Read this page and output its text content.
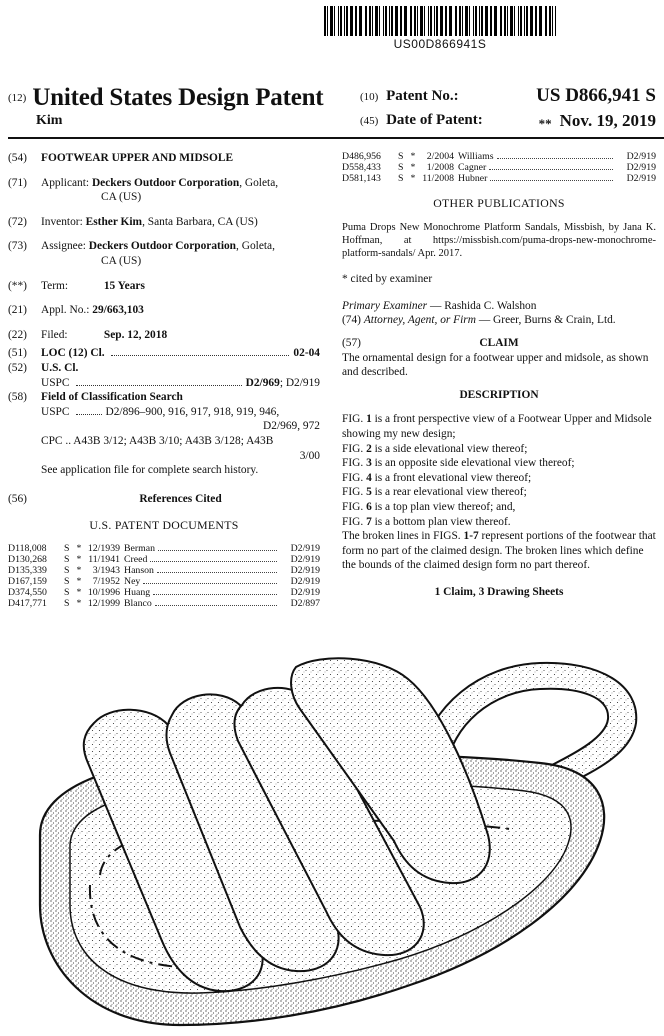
US00D866941S
$^{(12)}$ United States Design Patent
Kim
(10) Patent No.:	US D866,941 S
(45) Date of Patent:	** Nov. 19, 2019
(54) FOOTWEAR UPPER AND MIDSOLE
(71) Applicant: Deckers Outdoor Corporation, Goleta,
CA (US)
(72) Inventor: Esther Kim, Santa Barbara, CA (US)
(73) Assignee: Deckers Outdoor Corporation, Goleta,
CA (US)
(**) Term:	15 Years
(21) Appl. No.: 29/663,103
(22) Filed:	Sep. 12, 2018
(51) LOC (12) Cl.	02-04
(52) U.S. Cl.
USPC	D2/969 ; D2/919
(58) Field of Classification Search
USPC	D2/896–900, 916, 917, 918, 919, 946,
D2/969, 972
CPC .. A43B 3/12; A43B 3/10; A43B 3/128; A43B
3/00
See application file for complete search history.
(56)	References Cited
U.S. PATENT DOCUMENTS
D118,008	S	*	12/1939	Berman	D2/919
D130,268	S	*	11/1941	Creed	D2/919
D135,339	S	*	3/1943	Hanson	D2/919
D167,159	S	*	7/1952	Ney	D2/919
D374,550	S	*	10/1996	Huang	D2/919
D417,771	S	*	12/1999	Blanco	D2/897
D486,956	S	*	2/2004	Williams	D2/919
D558,433	S	*	1/2008	Cagner	D2/919
D581,143	S	*	11/2008	Hubner	D2/919
OTHER PUBLICATIONS

Puma Drops New Monochrome Platform Sandals, Missbish, by Jana K. Hoffman, at https://missbish.com/puma-drops-new-monochrome-platform-sandals/ Apr. 2017.

* cited by examiner
Primary Examiner — Rashida C. Walshon
(74) Attorney, Agent, or Firm — Greer, Burns & Crain, Ltd.
(57)	CLAIM

The ornamental design for a footwear upper and midsole, as shown and described.

DESCRIPTION

FIG. 1 is a front perspective view of a Footwear Upper and Midsole showing my new design;

FIG. 2 is a side elevational view thereof;

FIG. 3 is an opposite side elevational view thereof;

FIG. 4 is a front elevational view thereof;

FIG. 5 is a rear elevational view thereof;

FIG. 6 is a top plan view thereof; and,

FIG. 7 is a bottom plan view thereof.

The broken lines in FIGS. 1-7 represent portions of the footwear that form no part of the claimed design. The broken lines which define the bounds of the claimed design form no part thereof.

1 Claim, 3 Drawing Sheets
